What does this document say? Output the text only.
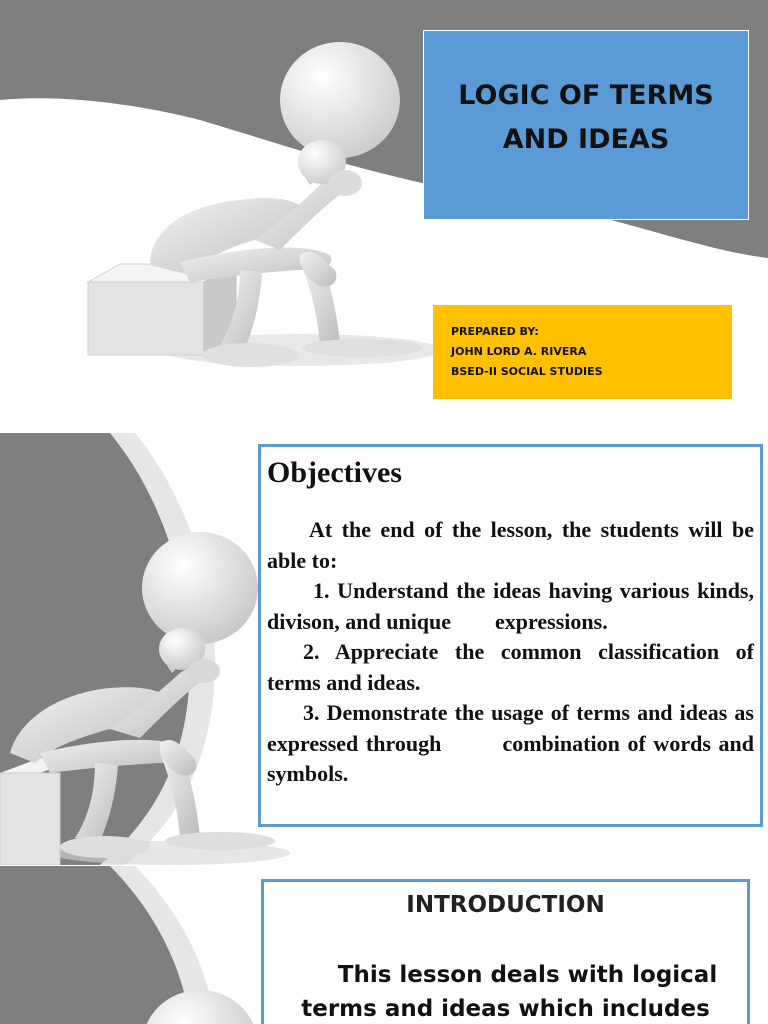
LOGIC OF TERMS AND IDEAS
PREPARED BY:
JOHN LORD A. RIVERA
BSED-II SOCIAL STUDIES
Objectives

At the end of the lesson, the students will be able to:

1. Understand the ideas having various kinds, divison, and unique        expressions.

2. Appreciate the common classification of terms and ideas.

3. Demonstrate the usage of terms and ideas as expressed through        combination of words and symbols.

INTRODUCTION
This lesson deals with logical terms and ideas which includes
